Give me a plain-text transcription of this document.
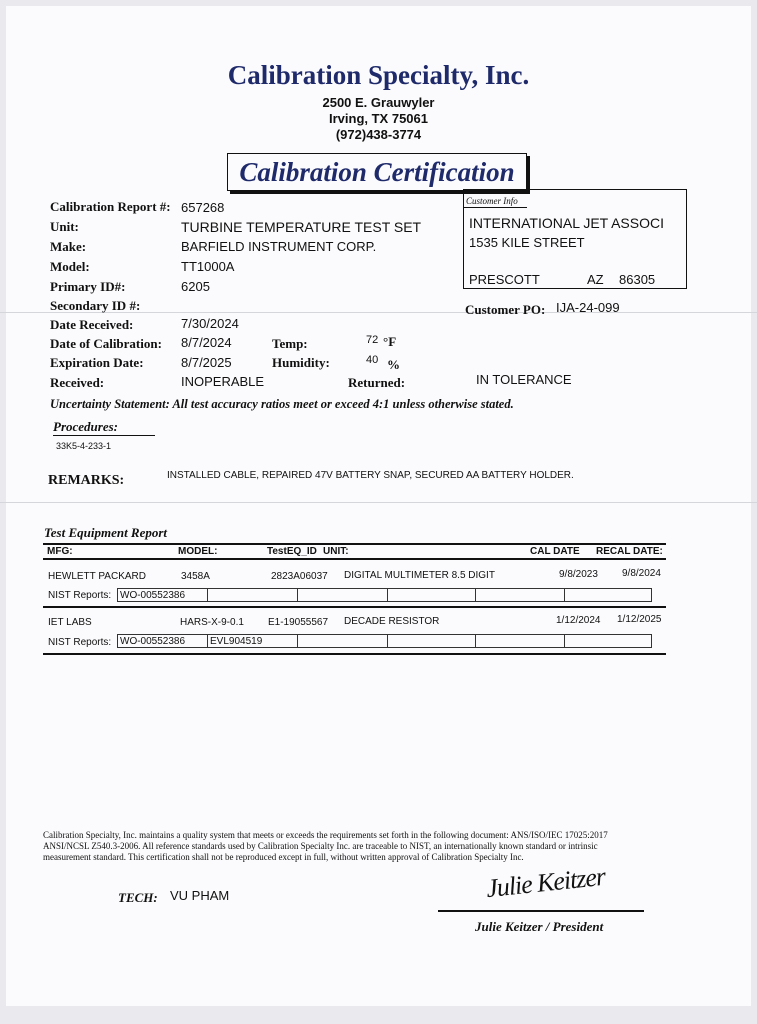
Calibration Specialty, Inc.
2500 E. Grauwyler
Irving, TX 75061
(972)438-3774
Calibration Certification
Calibration Report #: 657268
Unit:	TURBINE TEMPERATURE TEST SET
Make:	BARFIELD INSTRUMENT CORP.
Model:	TT1000A
Primary ID#:	6205
Secondary ID #:
Date Received:	7/30/2024
Date of Calibration: 8/7/2024
Expiration Date:	8/7/2025
Received:	INOPERABLE
Temp:	72 °F
Humidity:	40 %
Returned:	IN TOLERANCE
Customer Info
INTERNATIONAL JET ASSOCI
1535 KILE STREET
PRESCOTT	AZ 86305
Customer PO: IJA-24-099
Uncertainty Statement: All test accuracy ratios meet or exceed 4:1 unless otherwise stated.
Procedures:
33K5-4-233-1
REMARKS:	INSTALLED CABLE, REPAIRED 47V BATTERY SNAP, SECURED AA BATTERY HOLDER.
Test Equipment Report
MFG:	MODEL:	TestEQ_ID UNIT:	CAL DATE RECAL DATE:
HEWLETT PACKARD	3458A	2823A06037 DIGITAL MULTIMETER 8.5 DIGIT	9/8/2023 9/8/2024
NIST Reports: WO-00552386
IET LABS	HARS-X-9-0.1 E1-19055567 DECADE RESISTOR	1/12/2024 1/12/2025
NIST Reports: WO-00552386	EVL904519
Calibration Specialty, Inc. maintains a quality system that meets or exceeds the requirements set forth in the following document: ANS/ISO/IEC 17025:2017 ANSI/NCSL Z540.3-2006. All reference standards used by Calibration Specialty Inc. are traceable to NIST, an internationally known standard or intrinsic measurement standard. This certification shall not be reproduced except in full, without written approval of Calibration Specialty Inc.
TECH: VU PHAM	Julie Keitzer
Julie Keitzer / President
